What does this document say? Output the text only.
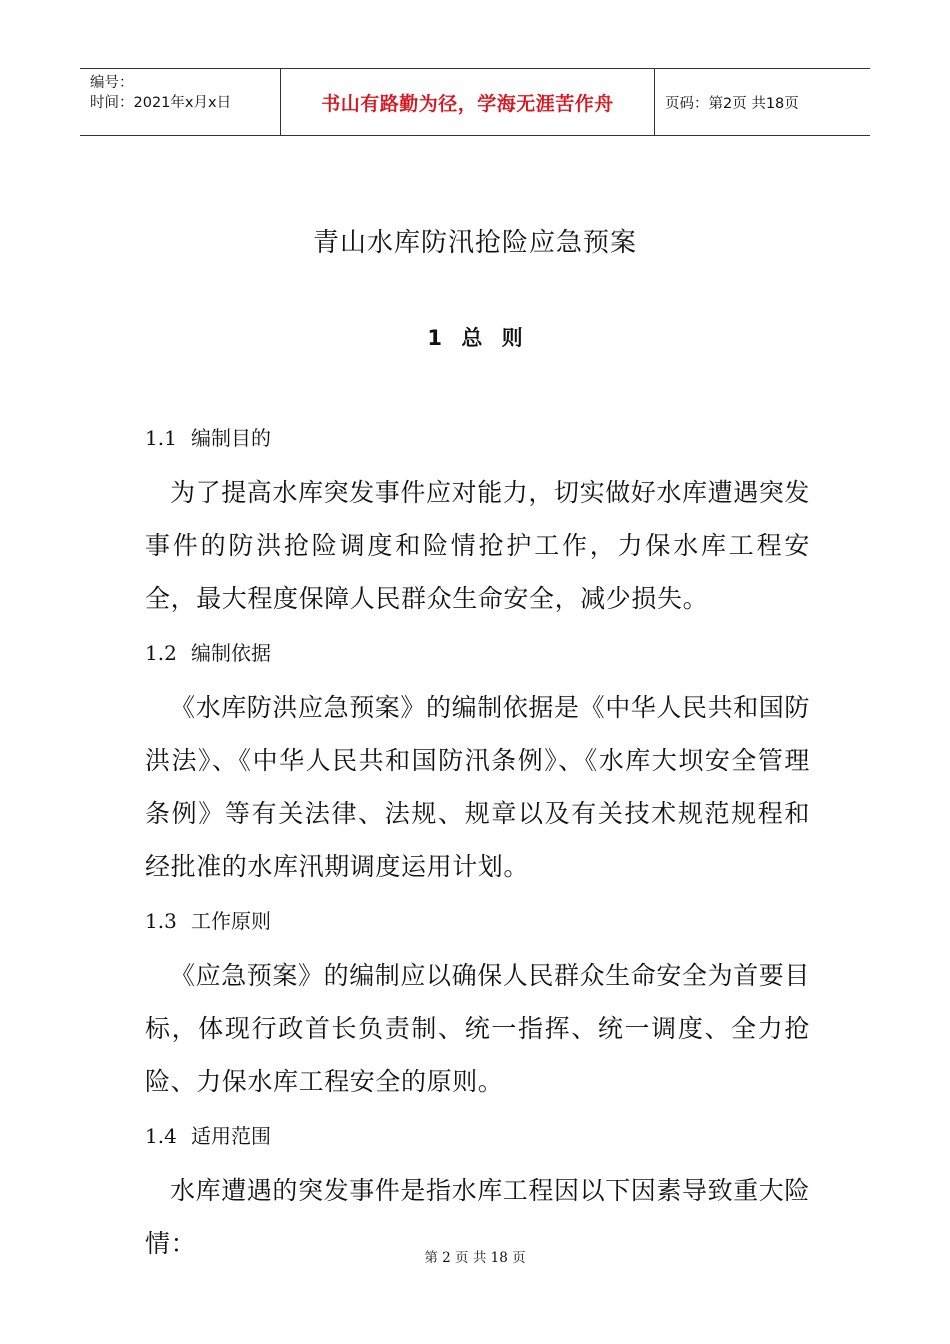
编号：
时间：2021年x月x日	书山有路勤为径，学海无涯苦作舟	页码：第2页 共18页
青山水库防汛抢险应急预案
1 总 则
1.1 编制目的

为了提高水库突发事件应对能力，切实做好水库遭遇突发事件的防洪抢险调度和险情抢护工作，力保水库工程安全，最大程度保障人民群众生命安全，减少损失。

1.2 编制依据

《水库防洪应急预案》的编制依据是《中华人民共和国防洪法》、《中华人民共和国防汛条例》、《水库大坝安全管理条例》等有关法律、法规、规章以及有关技术规范规程和经批准的水库汛期调度运用计划。

1.3 工作原则

《应急预案》的编制应以确保人民群众生命安全为首要目标，体现行政首长负责制、统一指挥、统一调度、全力抢险、力保水库工程安全的原则。

1.4 适用范围

水库遭遇的突发事件是指水库工程因以下因素导致重大险情：	第 2 页 共 18 页
